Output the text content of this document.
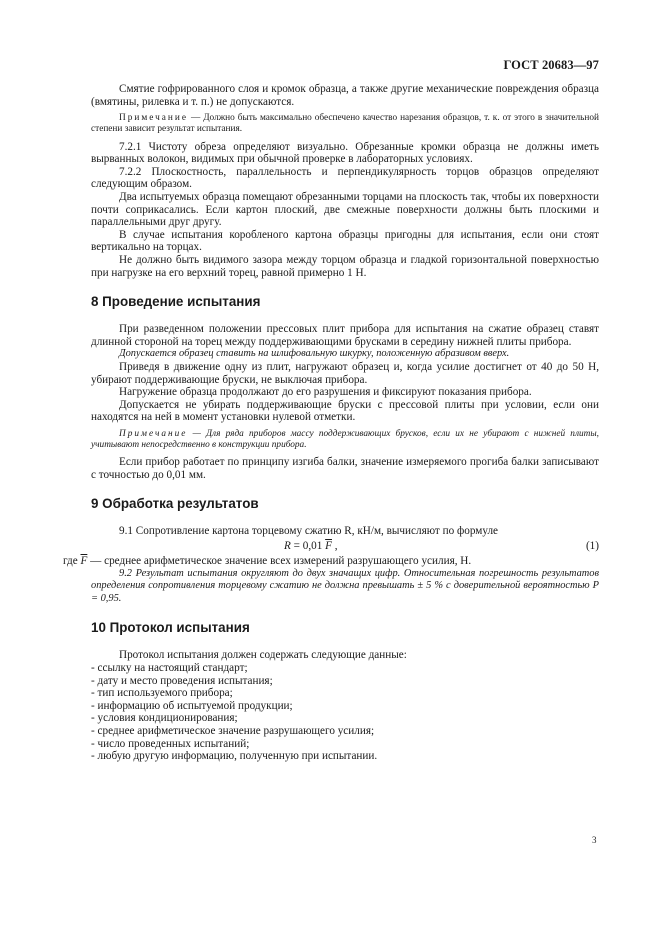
ГОСТ 20683—97

Смятие гофрированного слоя и кромок образца, а также другие механические повреждения образца (вмятины, рилевка и т. п.) не допускаются.

Примечание — Должно быть максимально обеспечено качество нарезания образцов, т. к. от этого в значительной степени зависит результат испытания.

7.2.1 Чистоту обреза определяют визуально. Обрезанные кромки образца не должны иметь вырванных волокон, видимых при обычной проверке в лабораторных условиях.

7.2.2 Плоскостность, параллельность и перпендикулярность торцов образцов определяют следующим образом.

Два испытуемых образца помещают обрезанными торцами на плоскость так, чтобы их поверхности почти соприкасались. Если картон плоский, две смежные поверхности должны быть плоскими и параллельными друг другу.

В случае испытания коробленого картона образцы пригодны для испытания, если они стоят вертикально на торцах.

Не должно быть видимого зазора между торцом образца и гладкой горизонтальной поверхностью при нагрузке на его верхний торец, равной примерно 1 Н.

8 Проведение испытания

При разведенном положении прессовых плит прибора для испытания на сжатие образец ставят длинной стороной на торец между поддерживающими брусками в середину нижней плиты прибора.

Допускается образец ставить на шлифовальную шкурку, положенную абразивом вверх.

Приведя в движение одну из плит, нагружают образец и, когда усилие достигнет от 40 до 50 Н, убирают поддерживающие бруски, не выключая прибора.

Нагружение образца продолжают до его разрушения и фиксируют показания прибора.

Допускается не убирать поддерживающие бруски с прессовой плиты при условии, если они находятся на ней в момент установки нулевой отметки.

Примечание — Для ряда приборов массу поддерживающих брусков, если их не убирают с нижней плиты, учитывают непосредственно в конструкции прибора.

Если прибор работает по принципу изгиба балки, значение измеряемого прогиба балки записывают с точностью до 0,01 мм.

9 Обработка результатов

9.1 Сопротивление картона торцевому сжатию R, кН/м, вычисляют по формуле

R = 0,01 $\overline{F}$ ,	(1)

где $\overline{F}$ — среднее арифметическое значение всех измерений разрушающего усилия, Н.

9.2 Результат испытания округляют до двух значащих цифр. Относительная погрешность результатов определения сопротивления торцевому сжатию не должна превышать ± 5 % с доверительной вероятностью P = 0,95.

10 Протокол испытания

Протокол испытания должен содержать следующие данные:

- ссылку на настоящий стандарт;
- дату и место проведения испытания;
- тип используемого прибора;
- информацию об испытуемой продукции;
- условия кондиционирования;
- среднее арифметическое значение разрушающего усилия;
- число проведенных испытаний;
- любую другую информацию, полученную при испытании.
3
